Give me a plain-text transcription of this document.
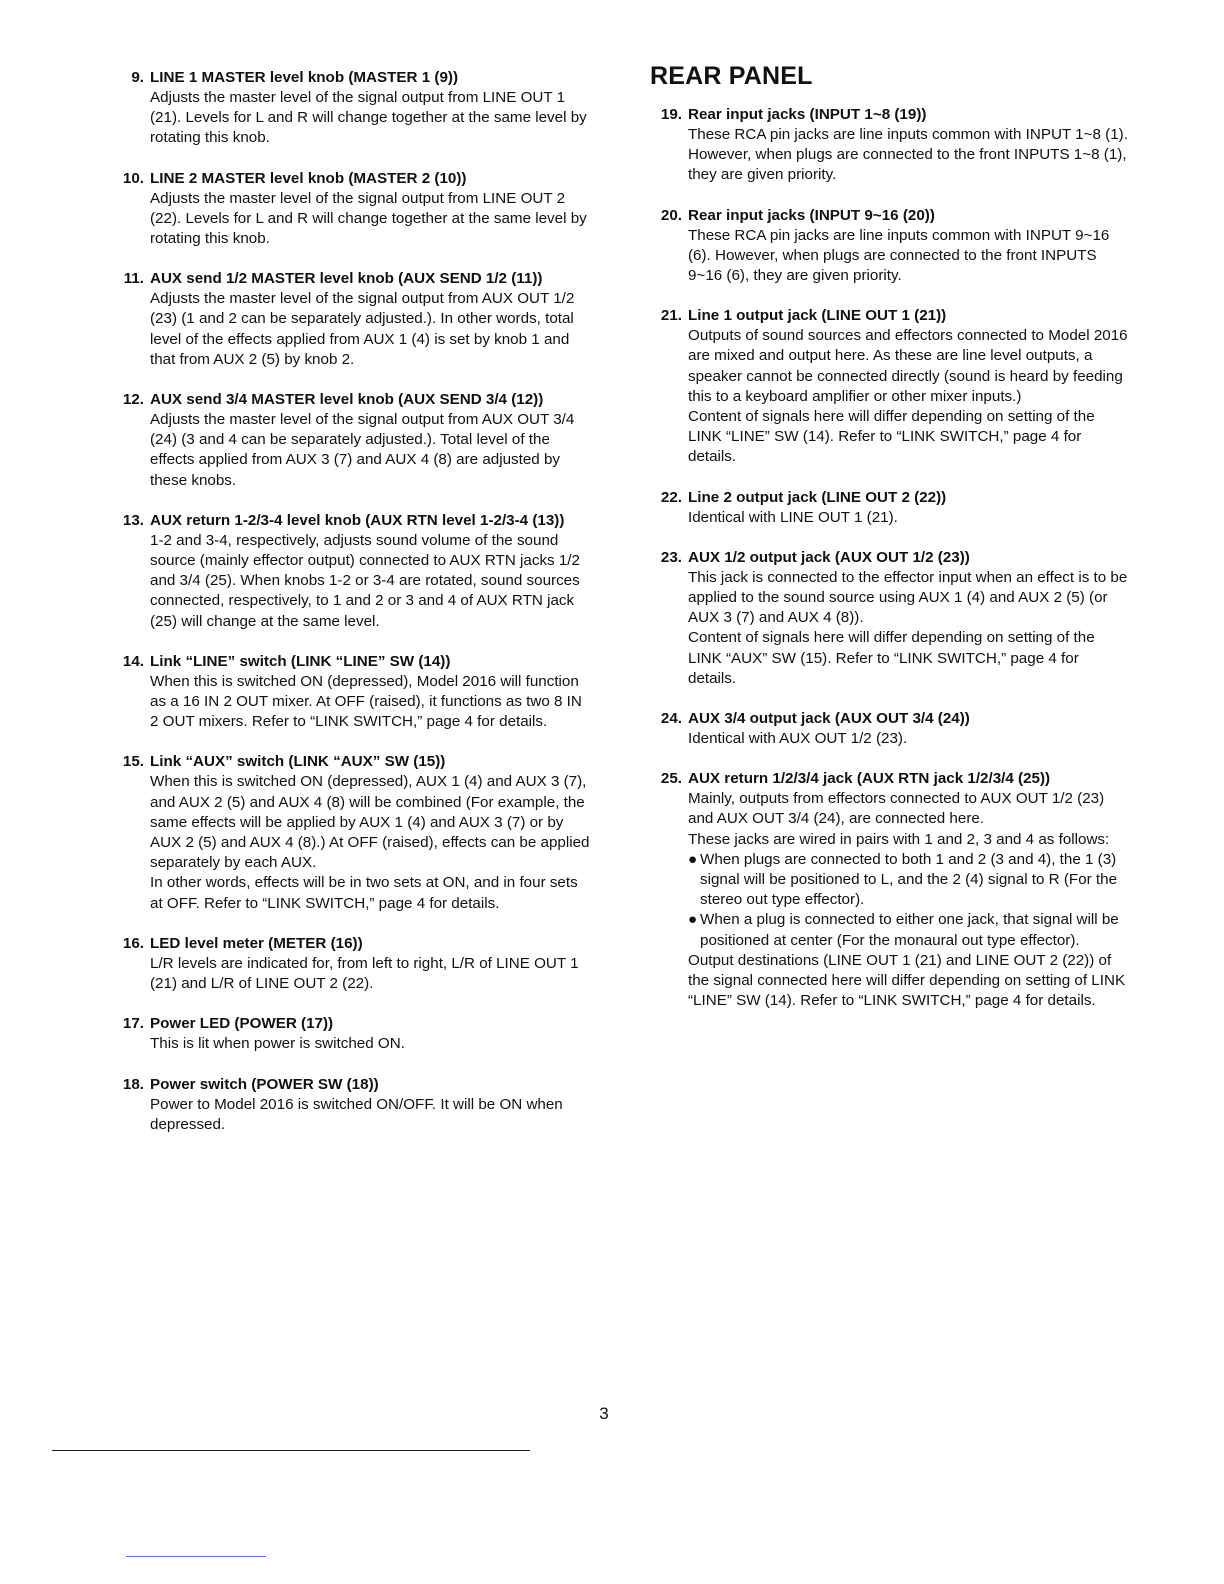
9. LINE 1 MASTER level knob (MASTER 1 (9))

Adjusts the master level of the signal output from LINE OUT 1 (21). Levels for L and R will change together at the same level by rotating this knob.

10. LINE 2 MASTER level knob (MASTER 2 (10))

Adjusts the master level of the signal output from LINE OUT 2 (22). Levels for L and R will change together at the same level by rotating this knob.

11. AUX send 1/2 MASTER level knob (AUX SEND 1/2 (11))

Adjusts the master level of the signal output from AUX OUT 1/2 (23) (1 and 2 can be separately adjusted.). In other words, total level of the effects applied from AUX 1 (4) is set by knob 1 and that from AUX 2 (5) by knob 2.

12. AUX send 3/4 MASTER level knob (AUX SEND 3/4 (12))

Adjusts the master level of the signal output from AUX OUT 3/4 (24) (3 and 4 can be separately adjusted.). Total level of the effects applied from AUX 3 (7) and AUX 4 (8) are adjusted by these knobs.

13. AUX return 1-2/3-4 level knob (AUX RTN level 1-2/3-4 (13))

1-2 and 3-4, respectively, adjusts sound volume of the sound source (mainly effector output) connected to AUX RTN jacks 1/2 and 3/4 (25). When knobs 1-2 or 3-4 are rotated, sound sources connected, respectively, to 1 and 2 or 3 and 4 of AUX RTN jack (25) will change at the same level.

14. Link “LINE” switch (LINK “LINE” SW (14))

When this is switched ON (depressed), Model 2016 will function as a 16 IN 2 OUT mixer. At OFF (raised), it functions as two 8 IN 2 OUT mixers. Refer to “LINK SWITCH,” page 4 for details.

15. Link “AUX” switch (LINK “AUX” SW (15))

When this is switched ON (depressed), AUX 1 (4) and AUX 3 (7), and AUX 2 (5) and AUX 4 (8) will be combined (For example, the same effects will be applied by AUX 1 (4) and AUX 3 (7) or by AUX 2 (5) and AUX 4 (8).) At OFF (raised), effects can be applied separately by each AUX.

In other words, effects will be in two sets at ON, and in four sets at OFF. Refer to “LINK SWITCH,” page 4 for details.

16. LED level meter (METER (16))

L/R levels are indicated for, from left to right, L/R of LINE OUT 1 (21) and L/R of LINE OUT 2 (22).

17. Power LED (POWER (17))

This is lit when power is switched ON.

18. Power switch (POWER SW (18))

Power to Model 2016 is switched ON/OFF. It will be ON when depressed.

REAR PANEL
19. Rear input jacks (INPUT 1~8 (19))

These RCA pin jacks are line inputs common with INPUT 1~8 (1). However, when plugs are connected to the front INPUTS 1~8 (1), they are given priority.

20. Rear input jacks (INPUT 9~16 (20))

These RCA pin jacks are line inputs common with INPUT 9~16 (6). However, when plugs are connected to the front INPUTS 9~16 (6), they are given priority.

21. Line 1 output jack (LINE OUT 1 (21))

Outputs of sound sources and effectors connected to Model 2016 are mixed and output here. As these are line level outputs, a speaker cannot be connected directly (sound is heard by feeding this to a keyboard amplifier or other mixer inputs.)

Content of signals here will differ depending on setting of the LINK “LINE” SW (14). Refer to “LINK SWITCH,” page 4 for details.

22. Line 2 output jack (LINE OUT 2 (22))

Identical with LINE OUT 1 (21).

23. AUX 1/2 output jack (AUX OUT 1/2 (23))

This jack is connected to the effector input when an effect is to be applied to the sound source using AUX 1 (4) and AUX 2 (5) (or AUX 3 (7) and AUX 4 (8)).

Content of signals here will differ depending on setting of the LINK “AUX” SW (15). Refer to “LINK SWITCH,” page 4 for details.

24. AUX 3/4 output jack (AUX OUT 3/4 (24))

Identical with AUX OUT 1/2 (23).

25. AUX return 1/2/3/4 jack (AUX RTN jack 1/2/3/4 (25))

Mainly, outputs from effectors connected to AUX OUT 1/2 (23) and AUX OUT 3/4 (24), are connected here.

These jacks are wired in pairs with 1 and 2, 3 and 4 as follows:

● When plugs are connected to both 1 and 2 (3 and 4), the 1 (3) signal will be positioned to L, and the 2 (4) signal to R (For the stereo out type effector).
● When a plug is connected to either one jack, that signal will be positioned at center (For the monaural out type effector).

Output destinations (LINE OUT 1 (21) and LINE OUT 2 (22)) of the signal connected here will differ depending on setting of LINK “LINE” SW (14). Refer to “LINK SWITCH,” page 4 for details.

3
